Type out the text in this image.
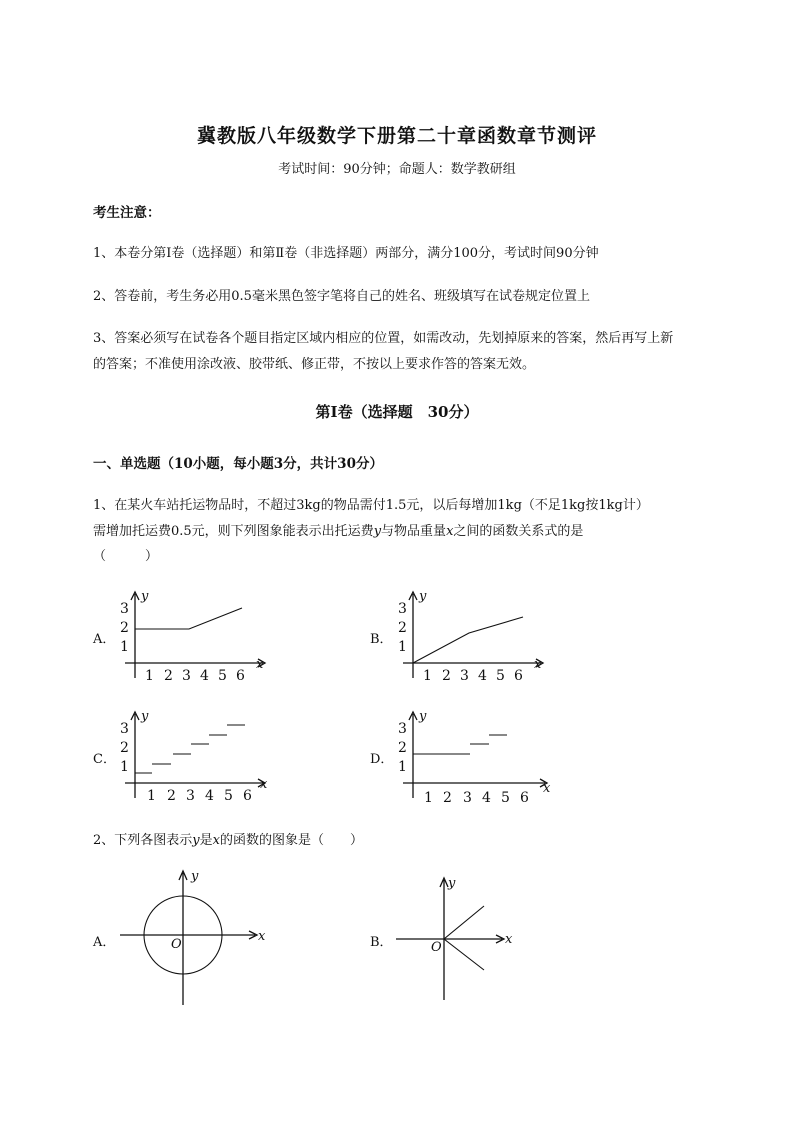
冀教版八年级数学下册第二十章函数章节测评
考试时间：90分钟；命题人：数学教研组
考生注意：
1、本卷分第I卷（选择题）和第Ⅱ卷（非选择题）两部分，满分100分，考试时间90分钟
2、答卷前，考生务必用0.5毫米黑色签字笔将自己的姓名、班级填写在试卷规定位置上
3、答案必须写在试卷各个题目指定区域内相应的位置，如需改动，先划掉原来的答案，然后再写上新
的答案；不准使用涂改液、胶带纸、修正带，不按以上要求作答的答案无效。
第I卷（选择题　30分）
一、单选题（10小题，每小题3分，共计30分）
1、在某火车站托运物品时，不超过3kg的物品需付1.5元，以后每增加1kg（不足1kg按1kg计）
需增加托运费0.5元，则下列图象能表示出托运费y与物品重量x之间的函数关系式的是
（　　　）
A．	B．
C．	D．
y
x
1 2 3 4 5 6
1
2
3
y
x
1 2 3 4 5 6
1
2
3
y
x
1 2 3 4 5 6
1
2
3
y
x
1 2 3 4 5 6
1
2
3
2、下列各图表示y是x的函数的图象是（　　）
A．	B．
y
x
O
y
x
O
